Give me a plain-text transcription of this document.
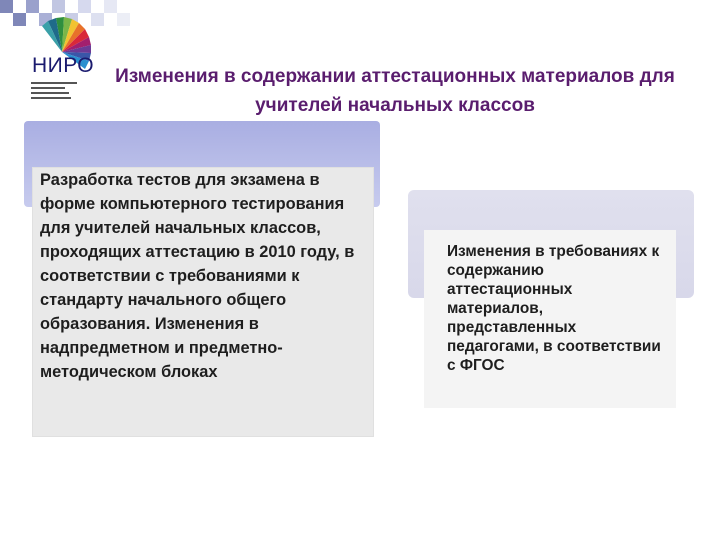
НИРО Изменения в содержании аттестационных материалов для учителей начальных классов
Разработка тестов для экзамена в форме компьютерного тестирования для учителей начальных классов, проходящих аттестацию в 2010 году, в соответствии с требованиями к стандарту начального общего образования. Изменения в надпредметном и предметно-методическом блоках
Изменения в требованиях к содержанию аттестационных материалов, представленных педагогами, в соответствии с ФГОС
